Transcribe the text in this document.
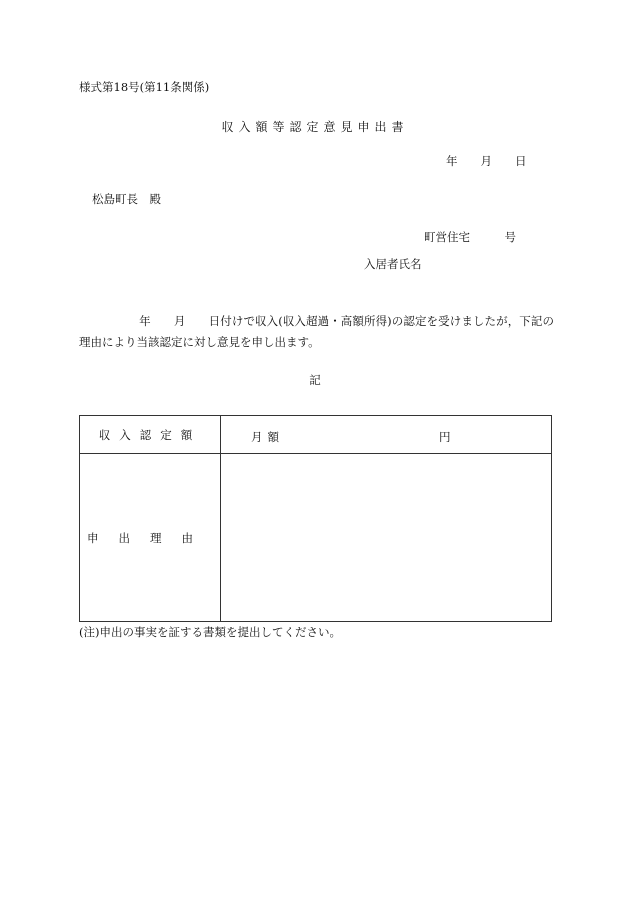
様式第18号(第11条関係)
収入額等認定意見申出書
年　　月　　日
松島町長　殿
町営住宅　　　号
入居者氏名
年　　月　　日付けで収入(収入超過・高額所得)の認定を受けましたが，下記の理由により当該認定に対し意見を申し出ます。
記
収入認定額	月額 円

申出理由	
(注)申出の事実を証する書類を提出してください。
